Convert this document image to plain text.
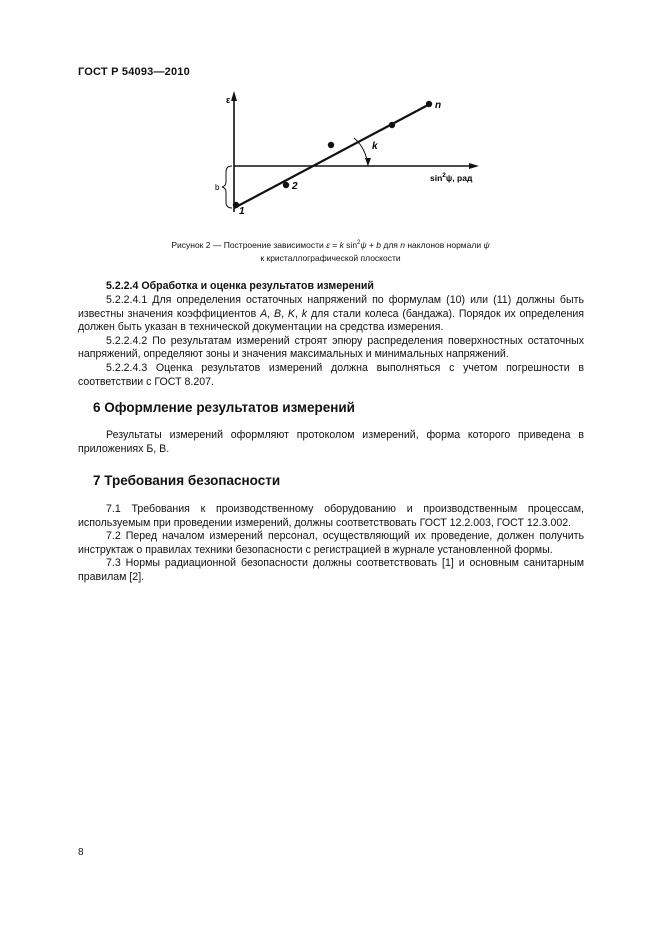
ГОСТ Р 54093—2010
ε
$\sin^2\psi$, рад
k
b
1
2
n
Рисунок 2 — Построение зависимости ε = k $\sin^2\psi + b$ для n наклонов нормали ψ
к кристаллографической плоскости
5.2.2.4 Обработка и оценка результатов измерений

5.2.2.4.1 Для определения остаточных напряжений по формулам (10) или (11) должны быть известны значения коэффициентов A, B, K, k для стали колеса (бандажа). Порядок их определения должен быть указан в технической документации на средства измерения.

5.2.2.4.2 По результатам измерений строят эпюру распределения поверхностных остаточных напряжений, определяют зоны и значения максимальных и минимальных напряжений.

5.2.2.4.3 Оценка результатов измерений должна выполняться с учетом погрешности в соответствии с ГОСТ 8.207.

6 Оформление результатов измерений

Результаты измерений оформляют протоколом измерений, форма которого приведена в приложениях Б, В.

7 Требования безопасности

7.1 Требования к производственному оборудованию и производственным процессам, используемым при проведении измерений, должны соответствовать ГОСТ 12.2.003, ГОСТ 12.3.002.

7.2 Перед началом измерений персонал, осуществляющий их проведение, должен получить инструктаж о правилах техники безопасности с регистрацией в журнале установленной формы.

7.3 Нормы радиационной безопасности должны соответствовать [1] и основным санитарным правилам [2].

8
